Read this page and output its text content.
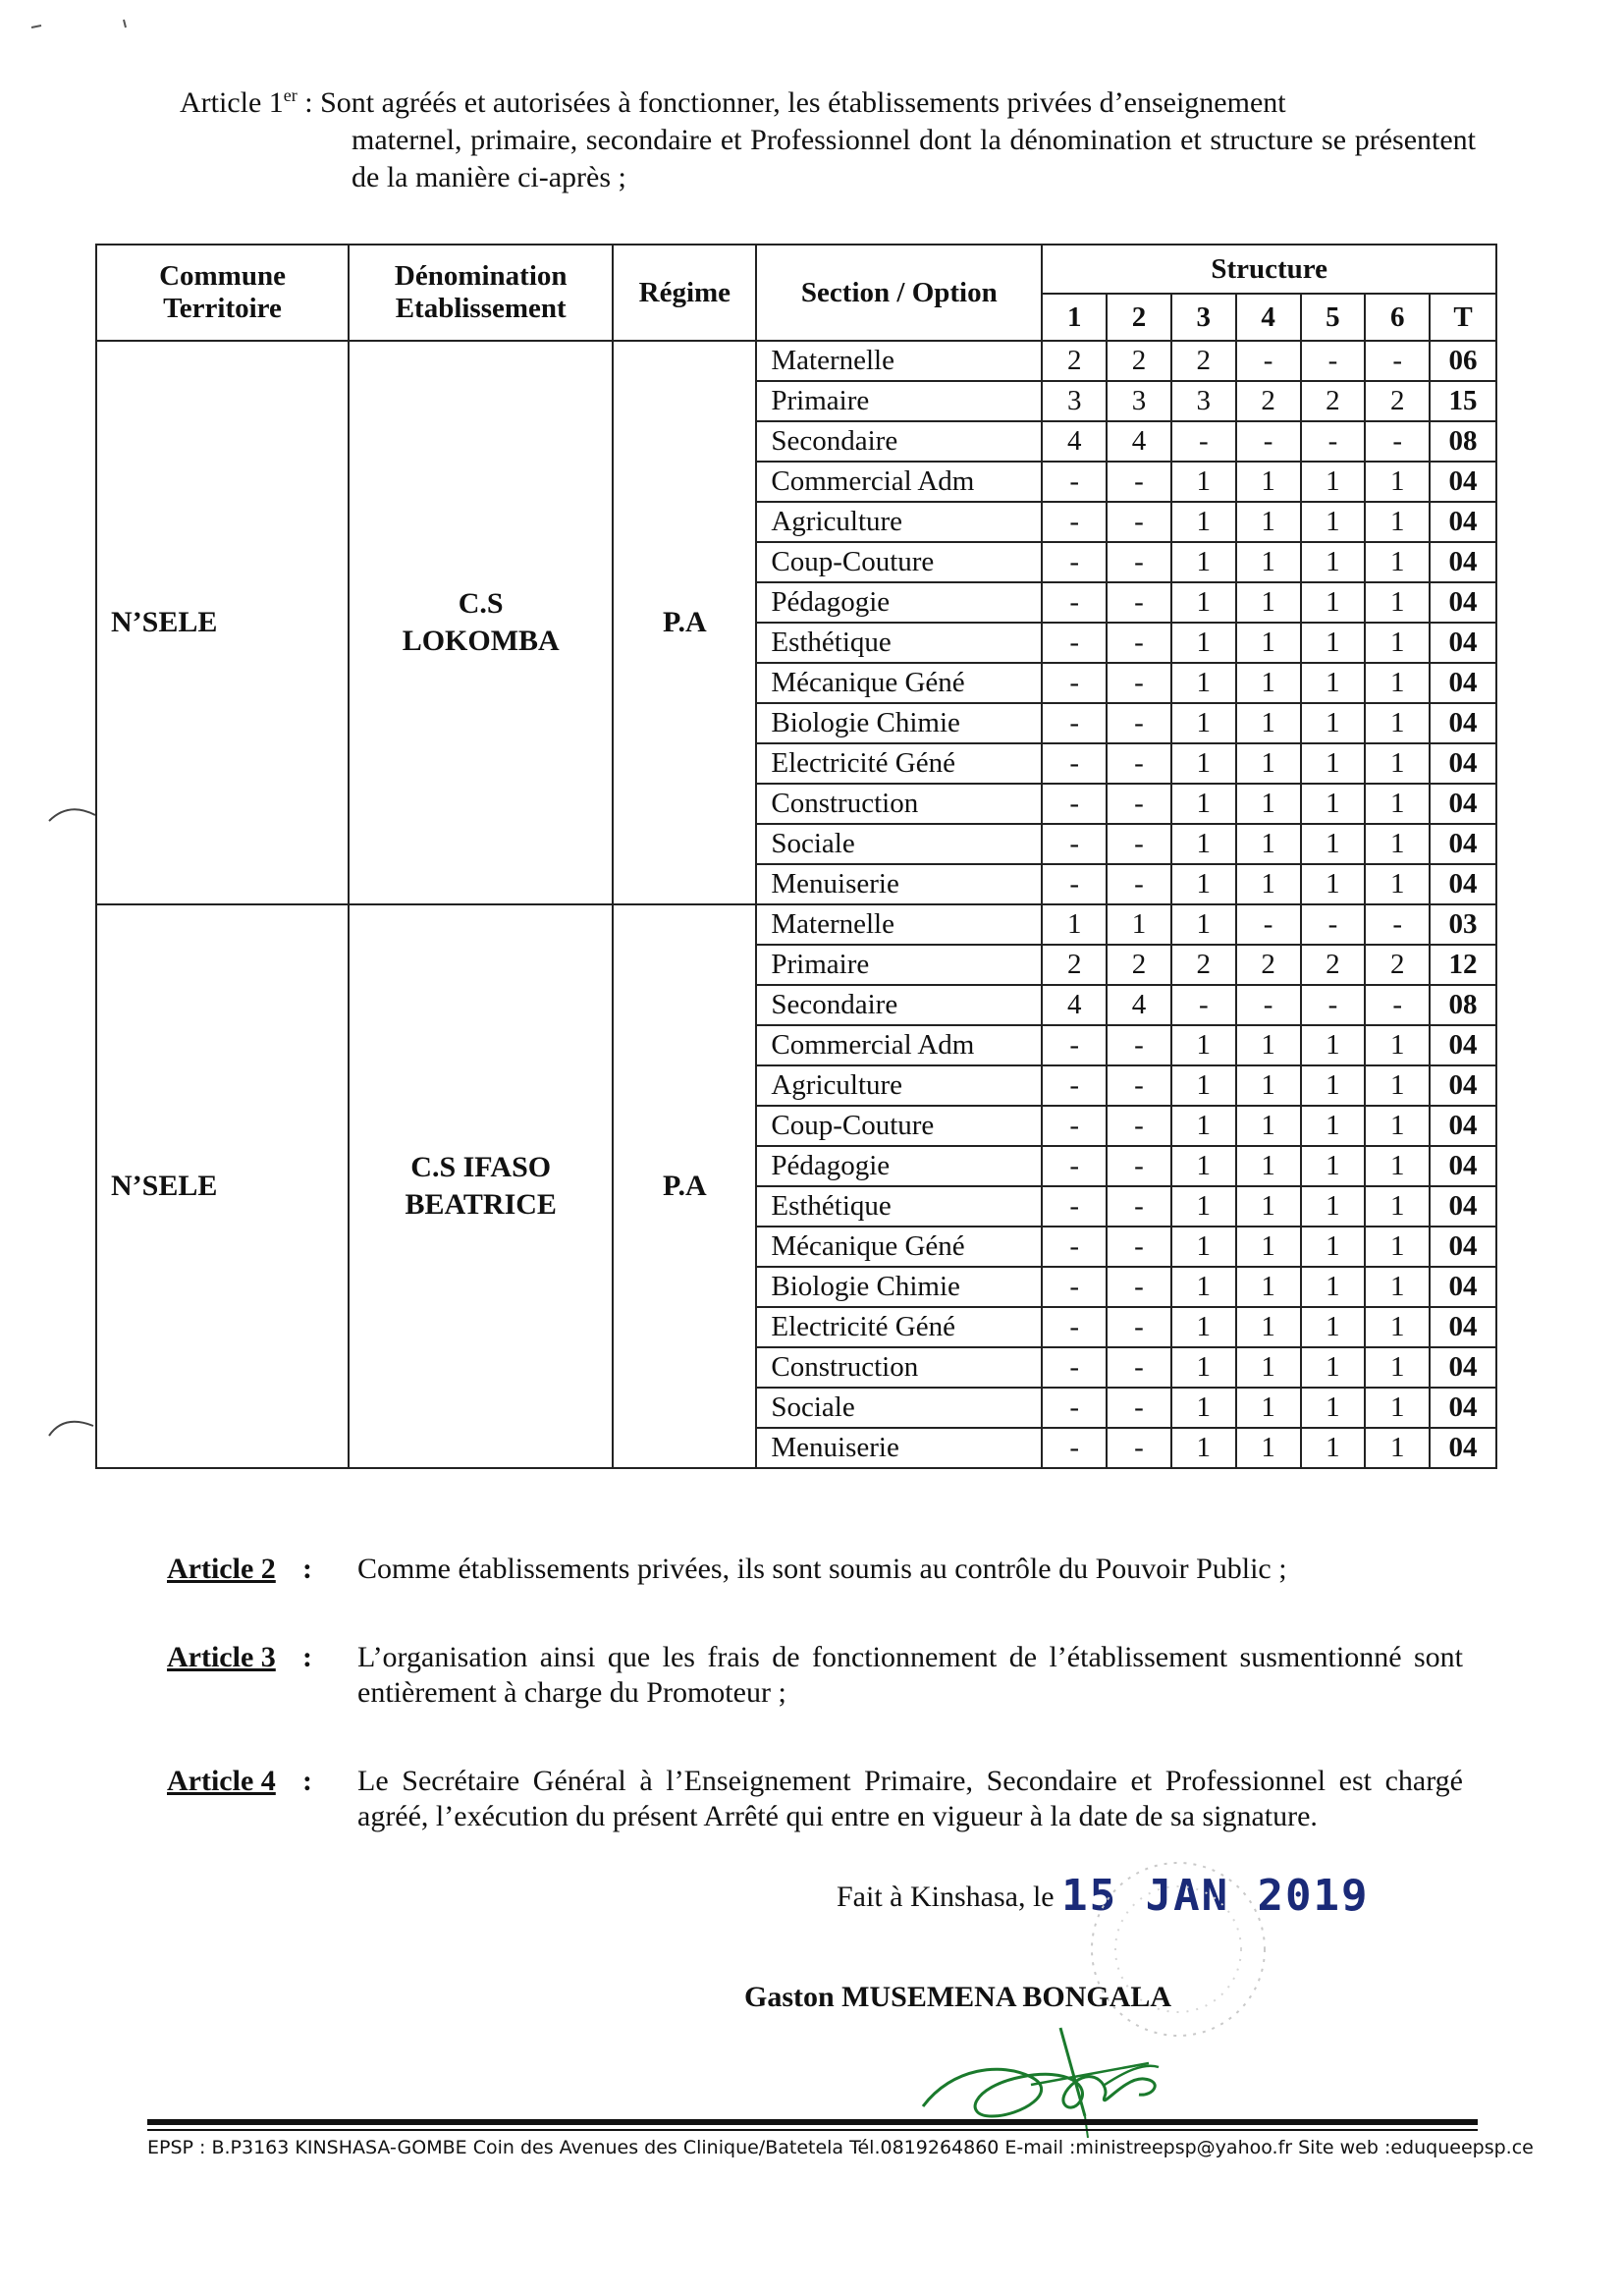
Article 1er : Sont agréés et autorisées à fonctionner, les établissements privées d’enseignement
maternel, primaire, secondaire et Professionnel dont la dénomination et structure se présentent de la manière ci-après ;
Commune Territoire	Dénomination Etablissement	Régime	Section / Option	Structure						
				1	2	3	4	5	6	T
N’SELE	C.S LOKOMBA	P.A	Maternelle	2	2	2	-	-	-	06
			Primaire	3	3	3	2	2	2	15
			Secondaire	4	4	-	-	-	-	08
			Commercial Adm	-	-	1	1	1	1	04
			Agriculture	-	-	1	1	1	1	04
			Coup-Couture	-	-	1	1	1	1	04
			Pédagogie	-	-	1	1	1	1	04
			Esthétique	-	-	1	1	1	1	04
			Mécanique Géné	-	-	1	1	1	1	04
			Biologie Chimie	-	-	1	1	1	1	04
			Electricité Géné	-	-	1	1	1	1	04
			Construction	-	-	1	1	1	1	04
			Sociale	-	-	1	1	1	1	04
			Menuiserie	-	-	1	1	1	1	04
N’SELE	C.S IFASO BEATRICE	P.A	Maternelle	1	1	1	-	-	-	03
			Primaire	2	2	2	2	2	2	12
			Secondaire	4	4	-	-	-	-	08
			Commercial Adm	-	-	1	1	1	1	04
			Agriculture	-	-	1	1	1	1	04
			Coup-Couture	-	-	1	1	1	1	04
			Pédagogie	-	-	1	1	1	1	04
			Esthétique	-	-	1	1	1	1	04
			Mécanique Géné	-	-	1	1	1	1	04
			Biologie Chimie	-	-	1	1	1	1	04
			Electricité Géné	-	-	1	1	1	1	04
			Construction	-	-	1	1	1	1	04
			Sociale	-	-	1	1	1	1	04
			Menuiserie	-	-	1	1	1	1	04
Article 2 : Comme établissements privées, ils sont soumis au contrôle du Pouvoir Public ;
Article 3 : L’organisation ainsi que les frais de fonctionnement de l’établissement susmentionné sont entièrement à charge du Promoteur ;
Article 4 : Le Secrétaire Général à l’Enseignement Primaire, Secondaire et Professionnel est chargé agréé, l’exécution du présent Arrêté qui entre en vigueur à la date de sa signature.
Fait à Kinshasa, le 15 JAN 2019
Gaston MUSEMENA BONGALA
EPSP : B.P3163 KINSHASA-GOMBE Coin des Avenues des Clinique/Batetela Tél.0819264860 E-mail :ministreepsp@yahoo.fr Site web :eduqueepsp.ce
